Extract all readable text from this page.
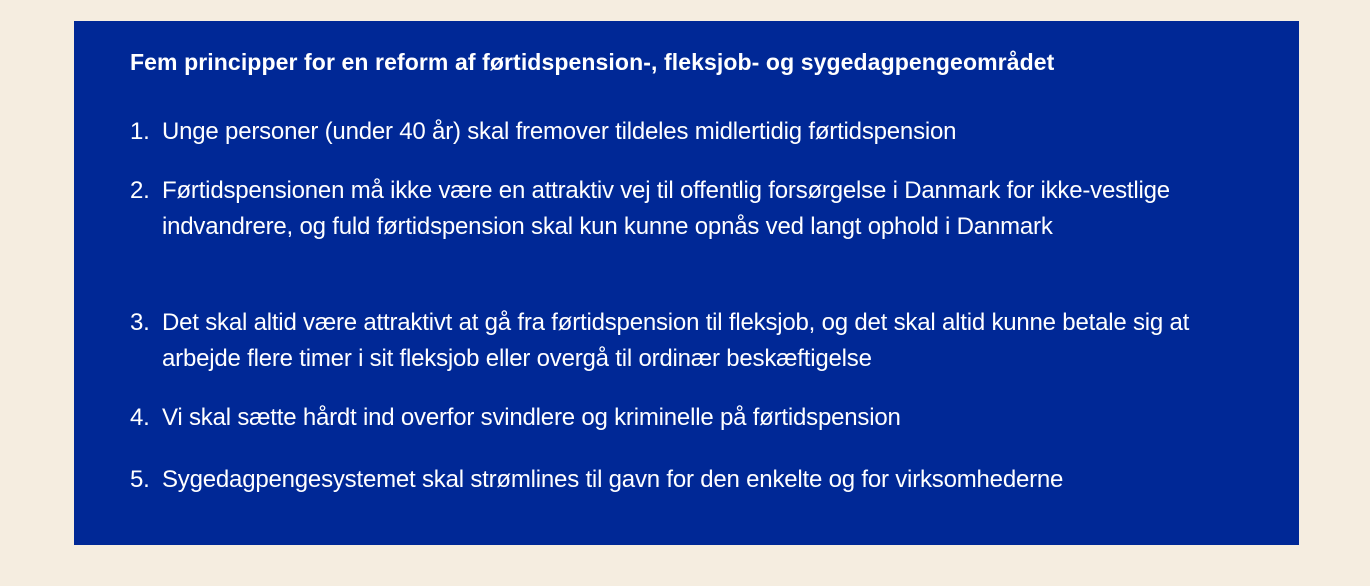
Fem principper for en reform af førtidspension-, fleksjob- og sygedagpengeområdet
1. Unge personer (under 40 år) skal fremover tildeles midlertidig førtidspension
2. Førtidspensionen må ikke være en attraktiv vej til offentlig forsørgelse i Danmark for ikke-vestlige indvandrere, og fuld førtidspension skal kun kunne opnås ved langt ophold i Danmark
3. Det skal altid være attraktivt at gå fra førtidspension til fleksjob, og det skal altid kunne betale sig at arbejde flere timer i sit fleksjob eller overgå til ordinær beskæftigelse
4. Vi skal sætte hårdt ind overfor svindlere og kriminelle på førtidspension
5. Sygedagpengesystemet skal strømlines til gavn for den enkelte og for virksomhederne
